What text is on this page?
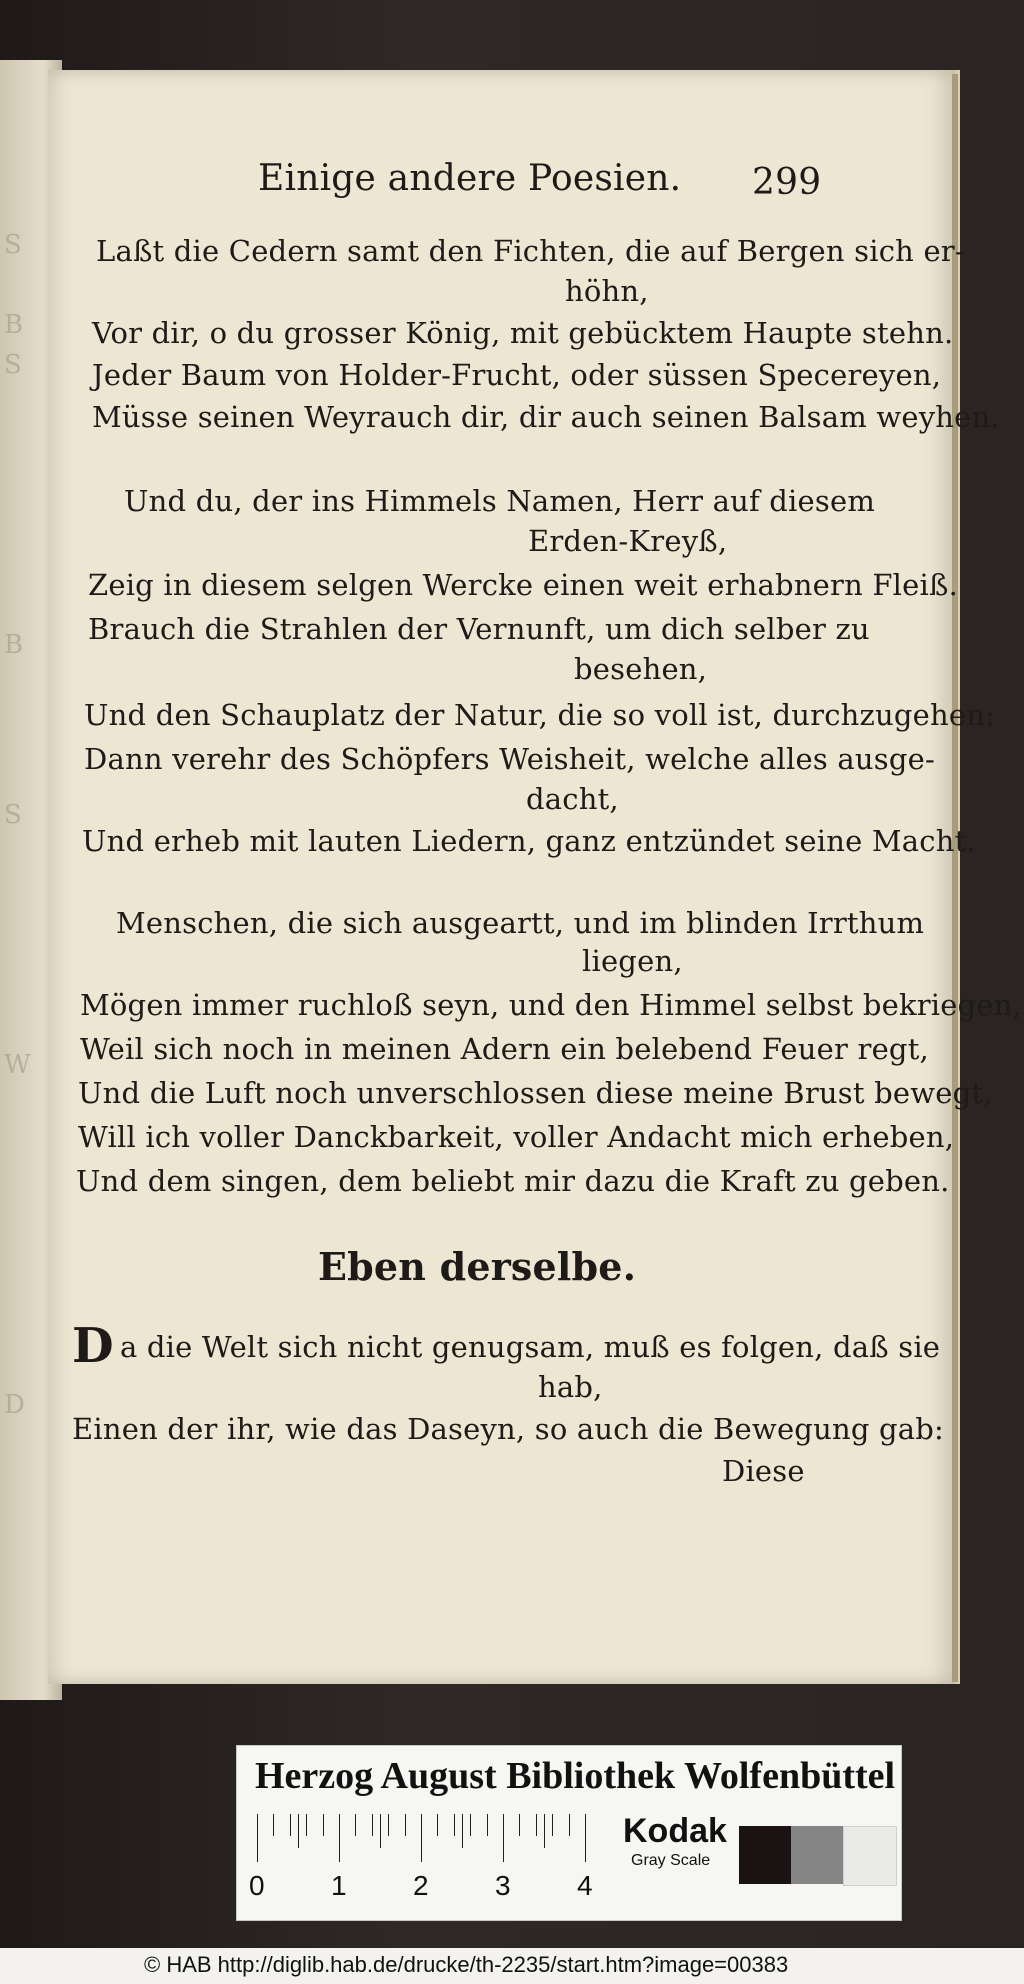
S
B
S
B
S
W
D
Einige andere Poesien. 299
Laßt die Cedern samt den Fichten, die auf Bergen sich er-
höhn,
Vor dir, o du grosser König, mit gebücktem Haupte stehn.
Jeder Baum von Holder-Frucht, oder süssen Specereyen,
Müsse seinen Weyrauch dir, dir auch seinen Balsam weyhen.
Und du, der ins Himmels Namen, Herr auf diesem
Erden-Kreyß,
Zeig in diesem selgen Wercke einen weit erhabnern Fleiß.
Brauch die Strahlen der Vernunft, um dich selber zu
besehen,
Und den Schauplatz der Natur, die so voll ist, durchzugehen:
Dann verehr des Schöpfers Weisheit, welche alles ausge-
dacht,
Und erheb mit lauten Liedern, ganz entzündet seine Macht.
Menschen, die sich ausgeartt, und im blinden Irrthum
liegen,
Mögen immer ruchloß seyn, und den Himmel selbst bekriegen,
Weil sich noch in meinen Adern ein belebend Feuer regt,
Und die Luft noch unverschlossen diese meine Brust bewegt,
Will ich voller Danckbarkeit, voller Andacht mich erheben,
Und dem singen, dem beliebt mir dazu die Kraft zu geben.
Eben derselbe.
D a die Welt sich nicht genugsam, muß es folgen, daß sie
hab,
Einen der ihr, wie das Daseyn, so auch die Bewegung gab:
Diese
Herzog August Bibliothek Wolfenbüttel
0 1 2 3 4
Kodak
Gray Scale
© HAB http://diglib.hab.de/drucke/th-2235/start.htm?image=00383
